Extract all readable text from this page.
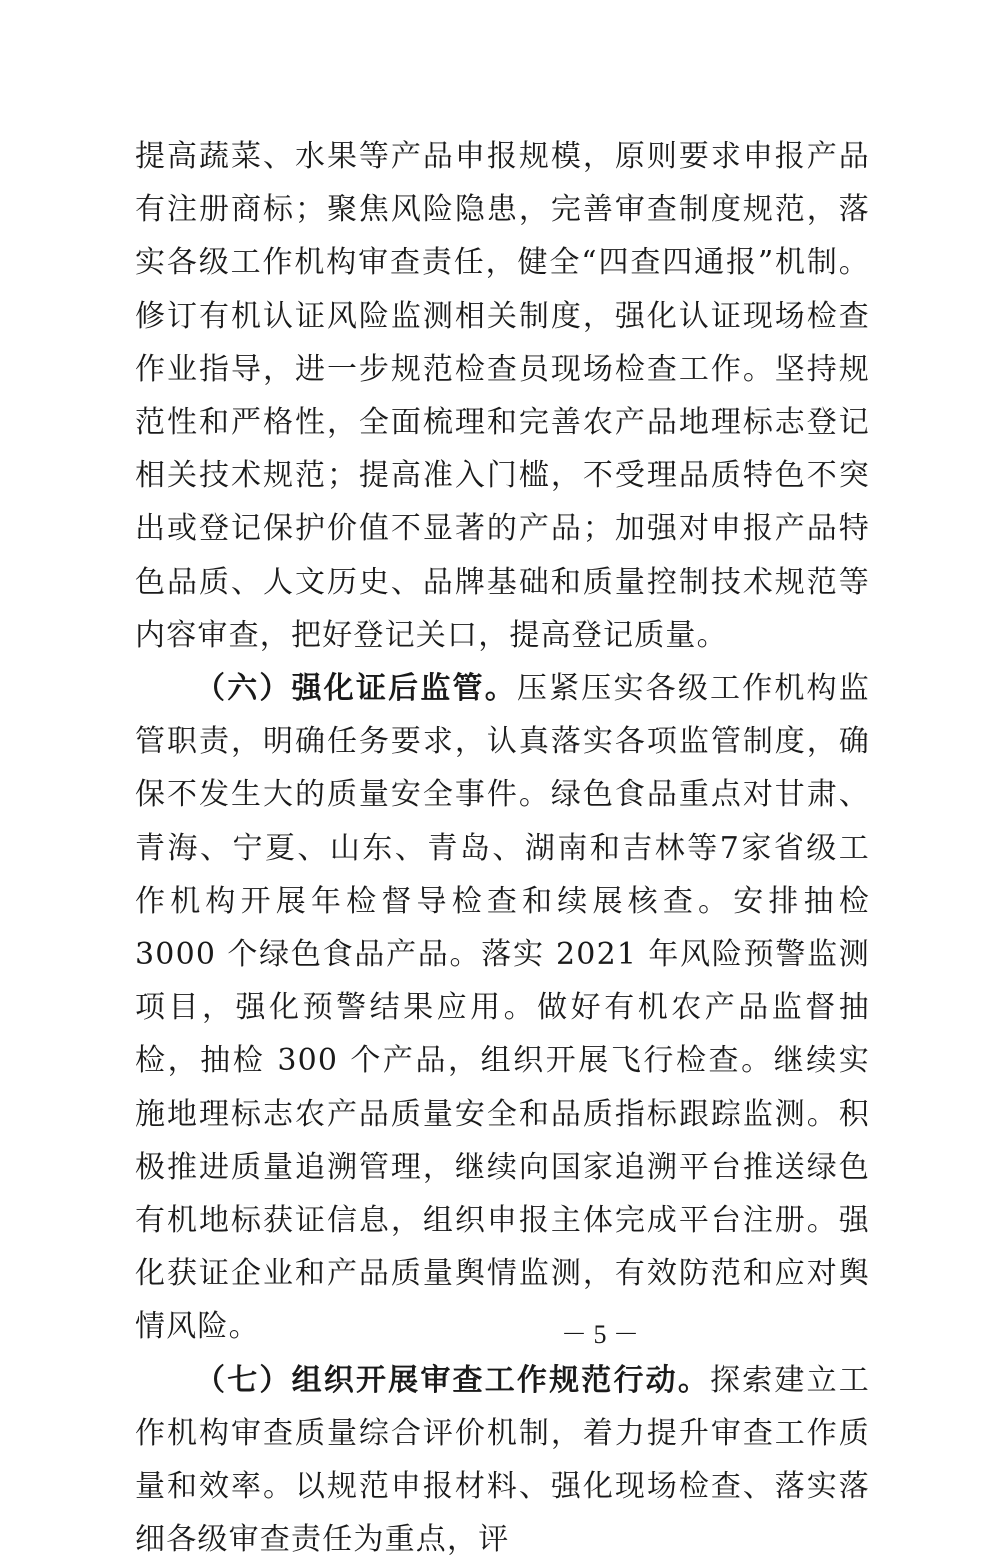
提高蔬菜、水果等产品申报规模，原则要求申报产品有注册商标；聚焦风险隐患，完善审查制度规范，落实各级工作机构审查责任，健全“四查四通报”机制。修订有机认证风险监测相关制度，强化认证现场检查作业指导，进一步规范检查员现场检查工作。坚持规范性和严格性，全面梳理和完善农产品地理标志登记相关技术规范；提高准入门槛，不受理品质特色不突出或登记保护价值不显著的产品；加强对申报产品特色品质、人文历史、品牌基础和质量控制技术规范等内容审查，把好登记关口，提高登记质量。

（六）强化证后监管。压紧压实各级工作机构监管职责，明确任务要求，认真落实各项监管制度，确保不发生大的质量安全事件。绿色食品重点对甘肃、青海、宁夏、山东、青岛、湖南和吉林等7家省级工作机构开展年检督导检查和续展核查。安排抽检 3000 个绿色食品产品。落实 2021 年风险预警监测项目，强化预警结果应用。做好有机农产品监督抽检，抽检 300 个产品，组织开展飞行检查。继续实施地理标志农产品质量安全和品质指标跟踪监测。积极推进质量追溯管理，继续向国家追溯平台推送绿色有机地标获证信息，组织申报主体完成平台注册。强化获证企业和产品质量舆情监测，有效防范和应对舆情风险。

（七）组织开展审查工作规范行动。探索建立工作机构审查质量综合评价机制，着力提升审查工作质量和效率。以规范申报材料、强化现场检查、落实落细各级审查责任为重点，评

－ 5 －
